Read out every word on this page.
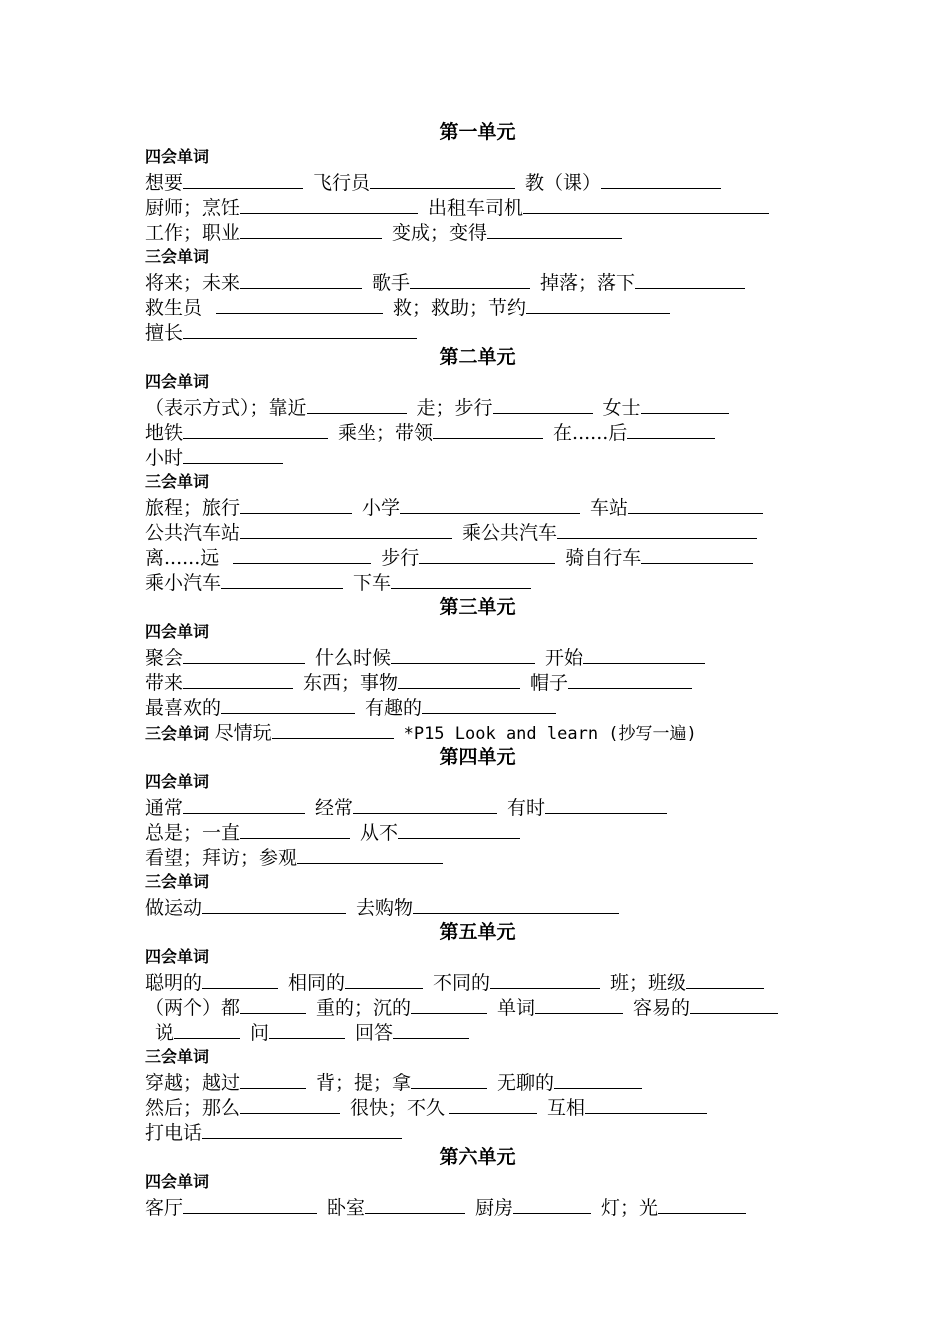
第一单元
四会单词
想要	飞行员	教（课）
厨师；烹饪	出租车司机
工作；职业	变成；变得
三会单词
将来；未来	歌手	掉落；落下
救生员	救；救助；节约
擅长
第二单元
四会单词
（表示方式）；靠近	走；步行	女士
地铁	乘坐；带领	在......后
小时
三会单词
旅程；旅行	小学	车站
公共汽车站	乘公共汽车
离......远	步行	骑自行车
乘小汽车	下车
第三单元
四会单词
聚会	什么时候	开始
带来	东西；事物	帽子
最喜欢的	有趣的
三会单词 尽情玩	*P15 Look and learn (抄写一遍)
第四单元
四会单词
通常	经常	有时
总是；一直	从不
看望；拜访；参观
三会单词
做运动	去购物
第五单元
四会单词
聪明的	相同的	不同的	班；班级
（两个）都	重的；沉的	单词	容易的
说	问	回答
三会单词
穿越；越过	背；提；拿	无聊的
然后；那么	很快；不久	互相
打电话
第六单元
四会单词
客厅	卧室	厨房	灯；光
